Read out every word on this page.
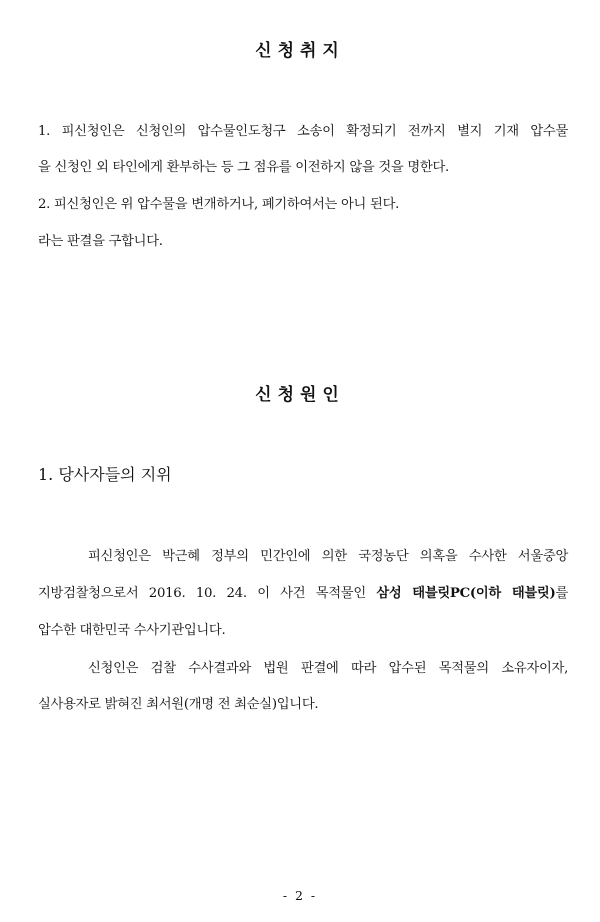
신청취지
1. 피신청인은 신청인의 압수물인도청구 소송이 확정되기 전까지 별지 기재 압수물
을 신청인 외 타인에게 환부하는 등 그 점유를 이전하지 않을 것을 명한다.
2. 피신청인은 위 압수물을 변개하거나, 폐기하여서는 아니 된다.
라는 판결을 구합니다.
신청원인
1. 당사자들의 지위
피신청인은 박근혜 정부의 민간인에 의한 국정농단 의혹을 수사한 서울중앙
지방검찰청으로서 2016. 10. 24. 이 사건 목적물인 삼성 태블릿PC(이하 태블릿)를
압수한 대한민국 수사기관입니다.
신청인은 검찰 수사결과와 법원 판결에 따라 압수된 목적물의 소유자이자,
실사용자로 밝혀진 최서원(개명 전 최순실)입니다.
- 2 -
